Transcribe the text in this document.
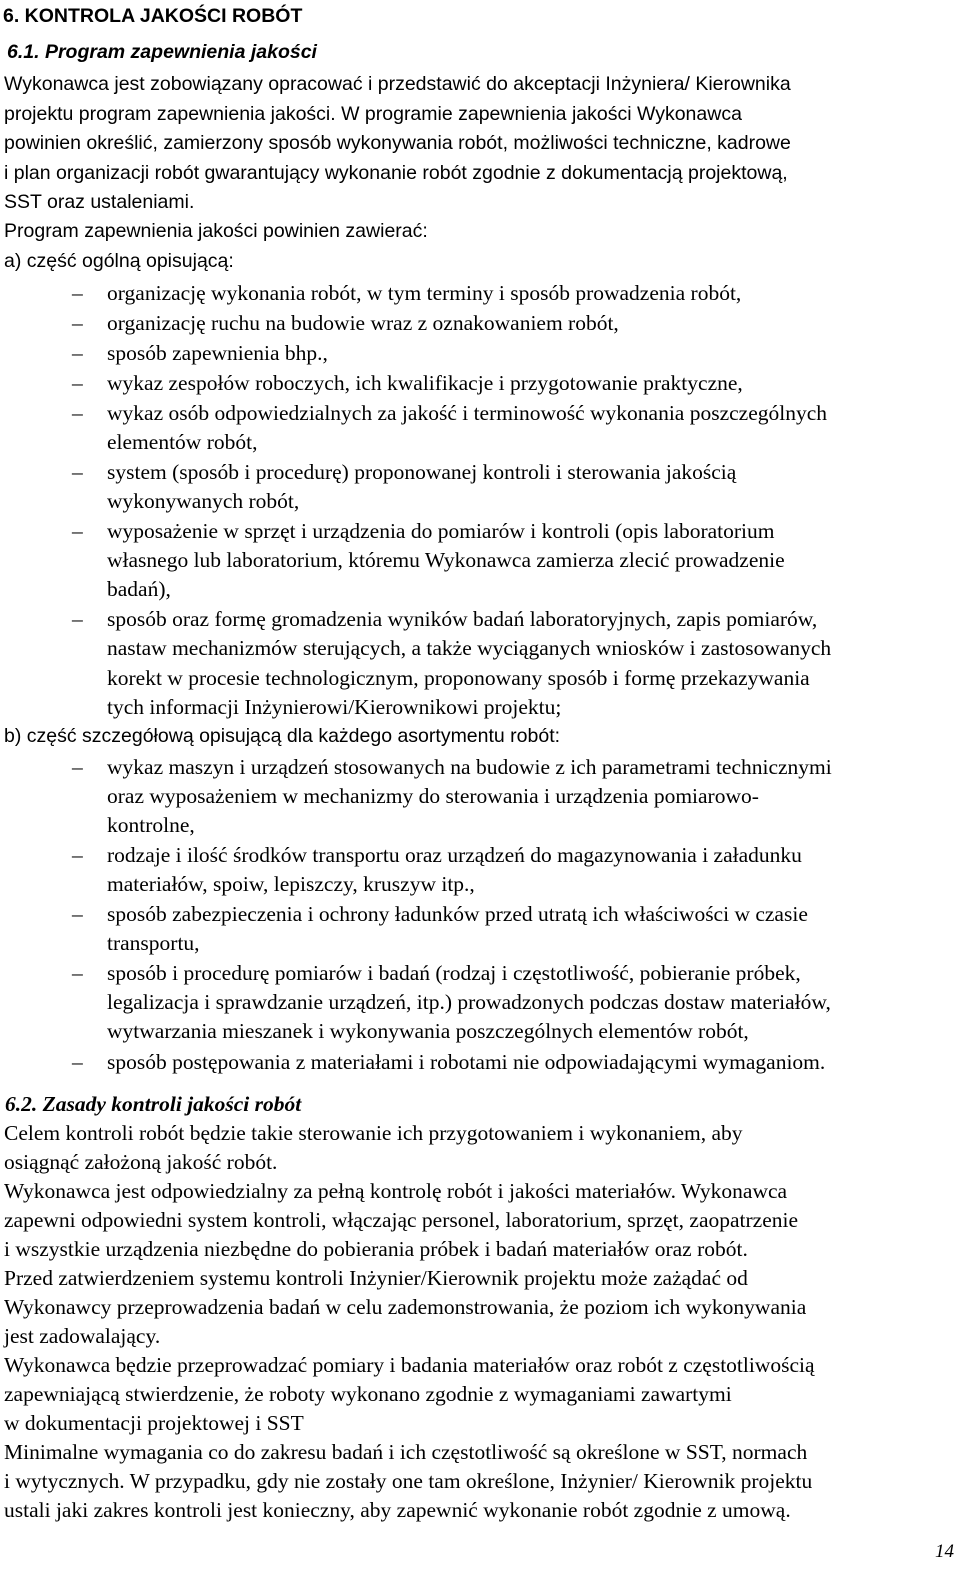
6. KONTROLA JAKOŚCI ROBÓT
6.1. Program zapewnienia jakości
Wykonawca jest zobowiązany opracować i przedstawić do akceptacji Inżyniera/ Kierownika
projektu program zapewnienia jakości. W programie zapewnienia jakości Wykonawca
powinien określić, zamierzony sposób wykonywania robót, możliwości techniczne, kadrowe
i plan organizacji robót gwarantujący wykonanie robót zgodnie z dokumentacją projektową,
SST oraz ustaleniami.
Program zapewnienia jakości powinien zawierać:
a) część ogólną opisującą:
– organizację wykonania robót, w tym terminy i sposób prowadzenia robót,
– organizację ruchu na budowie wraz z oznakowaniem robót,
– sposób zapewnienia bhp.,
– wykaz zespołów roboczych, ich kwalifikacje i przygotowanie praktyczne,
– wykaz osób odpowiedzialnych za jakość i terminowość wykonania poszczególnych
elementów robót,
– system (sposób i procedurę) proponowanej kontroli i sterowania jakością
wykonywanych robót,
– wyposażenie w sprzęt i urządzenia do pomiarów i kontroli (opis laboratorium
własnego lub laboratorium, któremu Wykonawca zamierza zlecić prowadzenie
badań),
– sposób oraz formę gromadzenia wyników badań laboratoryjnych, zapis pomiarów,
nastaw mechanizmów sterujących, a także wyciąganych wniosków i zastosowanych
korekt w procesie technologicznym, proponowany sposób i formę przekazywania
tych informacji Inżynierowi/Kierownikowi projektu;
b) część szczegółową opisującą dla każdego asortymentu robót:
– wykaz maszyn i urządzeń stosowanych na budowie z ich parametrami technicznymi
oraz wyposażeniem w mechanizmy do sterowania i urządzenia pomiarowo-
kontrolne,
– rodzaje i ilość środków transportu oraz urządzeń do magazynowania i załadunku
materiałów, spoiw, lepiszczy, kruszyw itp.,
– sposób zabezpieczenia i ochrony ładunków przed utratą ich właściwości w czasie
transportu,
– sposób i procedurę pomiarów i badań (rodzaj i częstotliwość, pobieranie próbek,
legalizacja i sprawdzanie urządzeń, itp.) prowadzonych podczas dostaw materiałów,
wytwarzania mieszanek i wykonywania poszczególnych elementów robót,
– sposób postępowania z materiałami i robotami nie odpowiadającymi wymaganiom.
6.2. Zasady kontroli jakości robót
Celem kontroli robót będzie takie sterowanie ich przygotowaniem i wykonaniem, aby
osiągnąć założoną jakość robót.
Wykonawca jest odpowiedzialny za pełną kontrolę robót i jakości materiałów. Wykonawca
zapewni odpowiedni system kontroli, włączając personel, laboratorium, sprzęt, zaopatrzenie
i wszystkie urządzenia niezbędne do pobierania próbek i badań materiałów oraz robót.
Przed zatwierdzeniem systemu kontroli Inżynier/Kierownik projektu może zażądać od
Wykonawcy przeprowadzenia badań w celu zademonstrowania, że poziom ich wykonywania
jest zadowalający.
Wykonawca będzie przeprowadzać pomiary i badania materiałów oraz robót z częstotliwością
zapewniającą stwierdzenie, że roboty wykonano zgodnie z wymaganiami zawartymi
w dokumentacji projektowej i SST
Minimalne wymagania co do zakresu badań i ich częstotliwość są określone w SST, normach
i wytycznych. W przypadku, gdy nie zostały one tam określone, Inżynier/ Kierownik projektu
ustali jaki zakres kontroli jest konieczny, aby zapewnić wykonanie robót zgodnie z umową.
14
